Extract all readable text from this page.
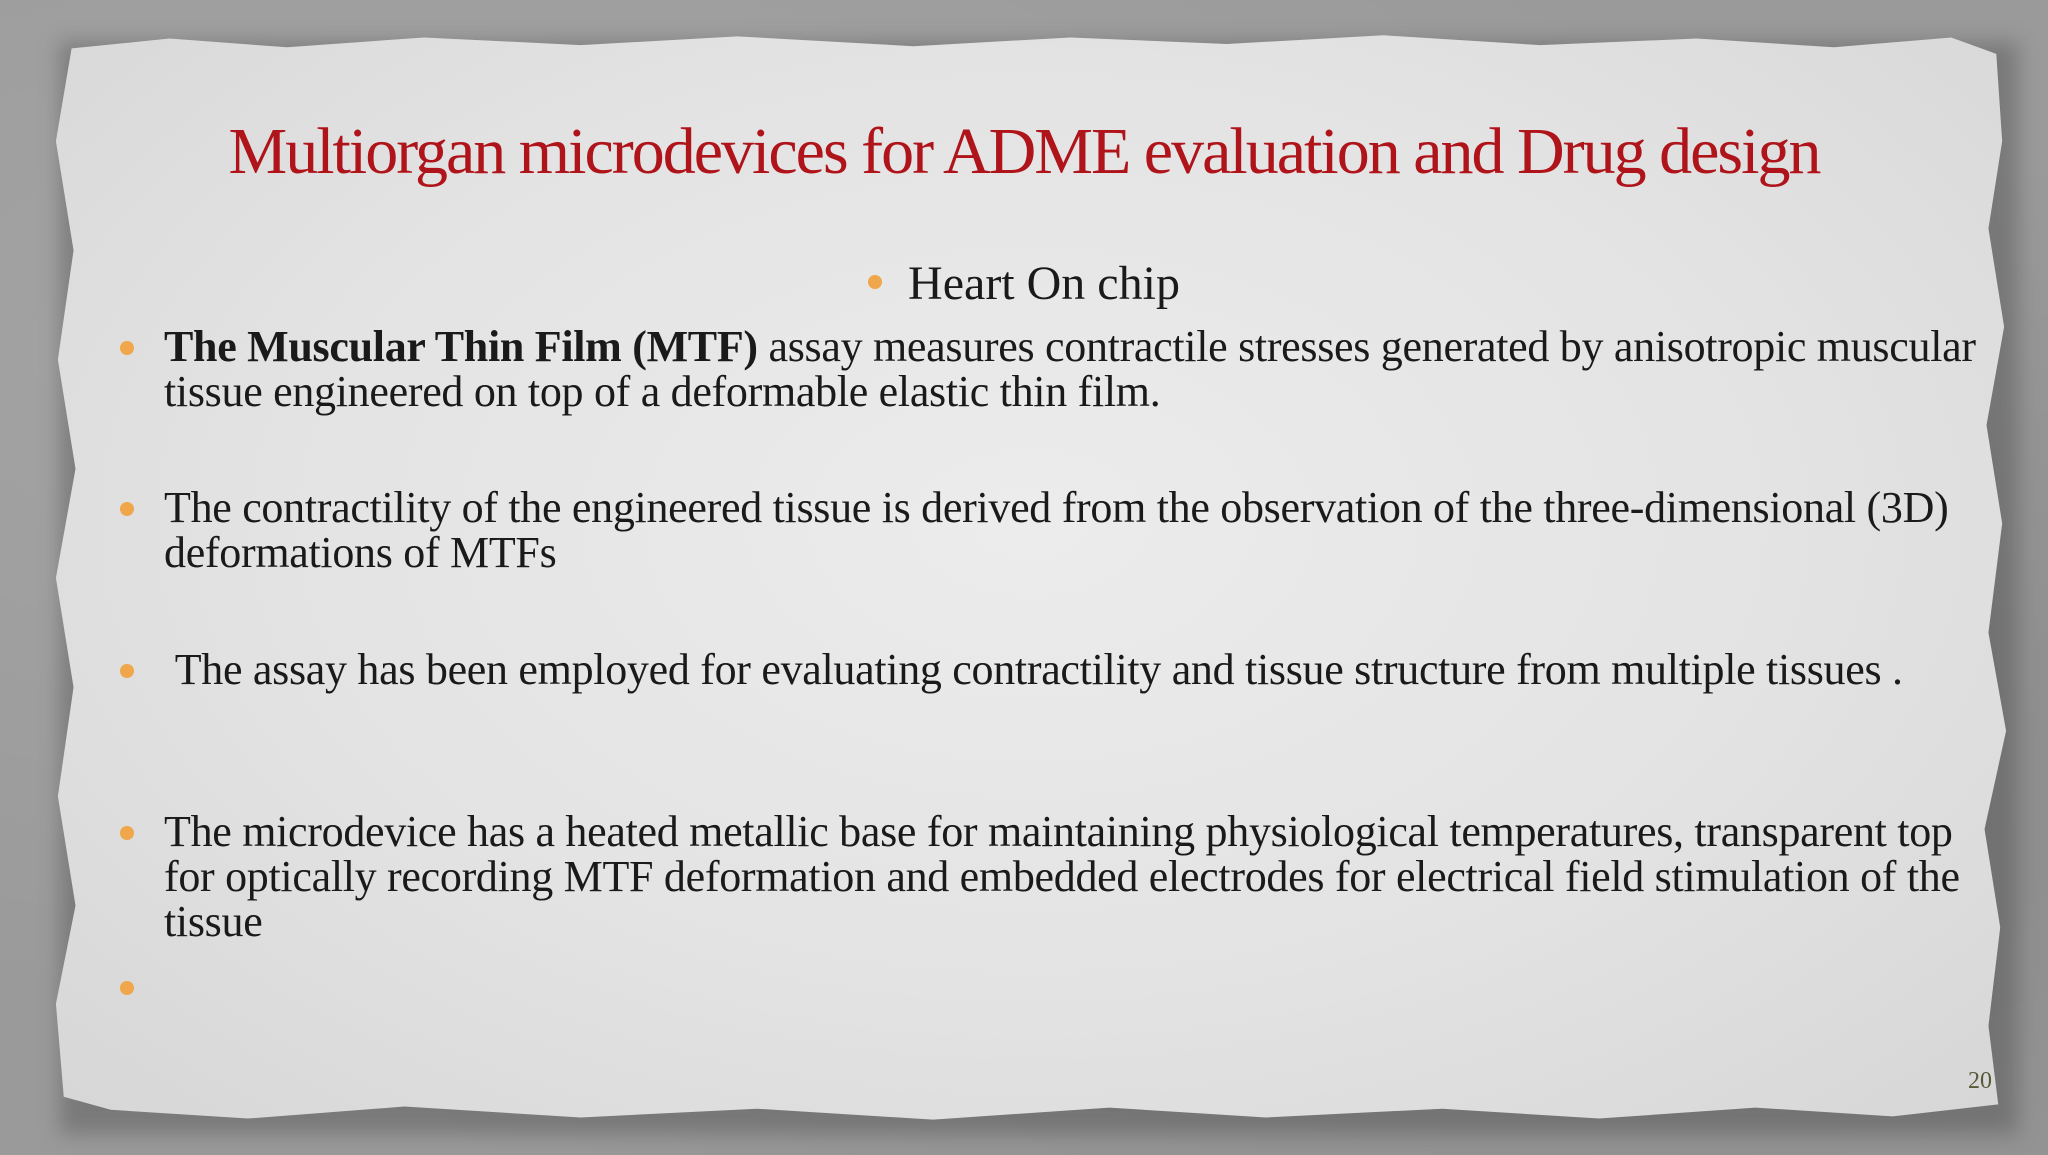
Multiorgan microdevices for ADME evaluation and Drug design
Heart On chip
The Muscular Thin Film (MTF) assay measures contractile stresses generated by anisotropic muscular tissue engineered on top of a deformable elastic thin film.
The contractility of the engineered tissue is derived from the observation of the three-dimensional (3D) deformations of MTFs
The assay has been employed for evaluating contractility and tissue structure from multiple tissues .
The microdevice has a heated metallic base for maintaining physiological temperatures, transparent top for optically recording MTF deformation and embedded electrodes for electrical field stimulation of the tissue
20
